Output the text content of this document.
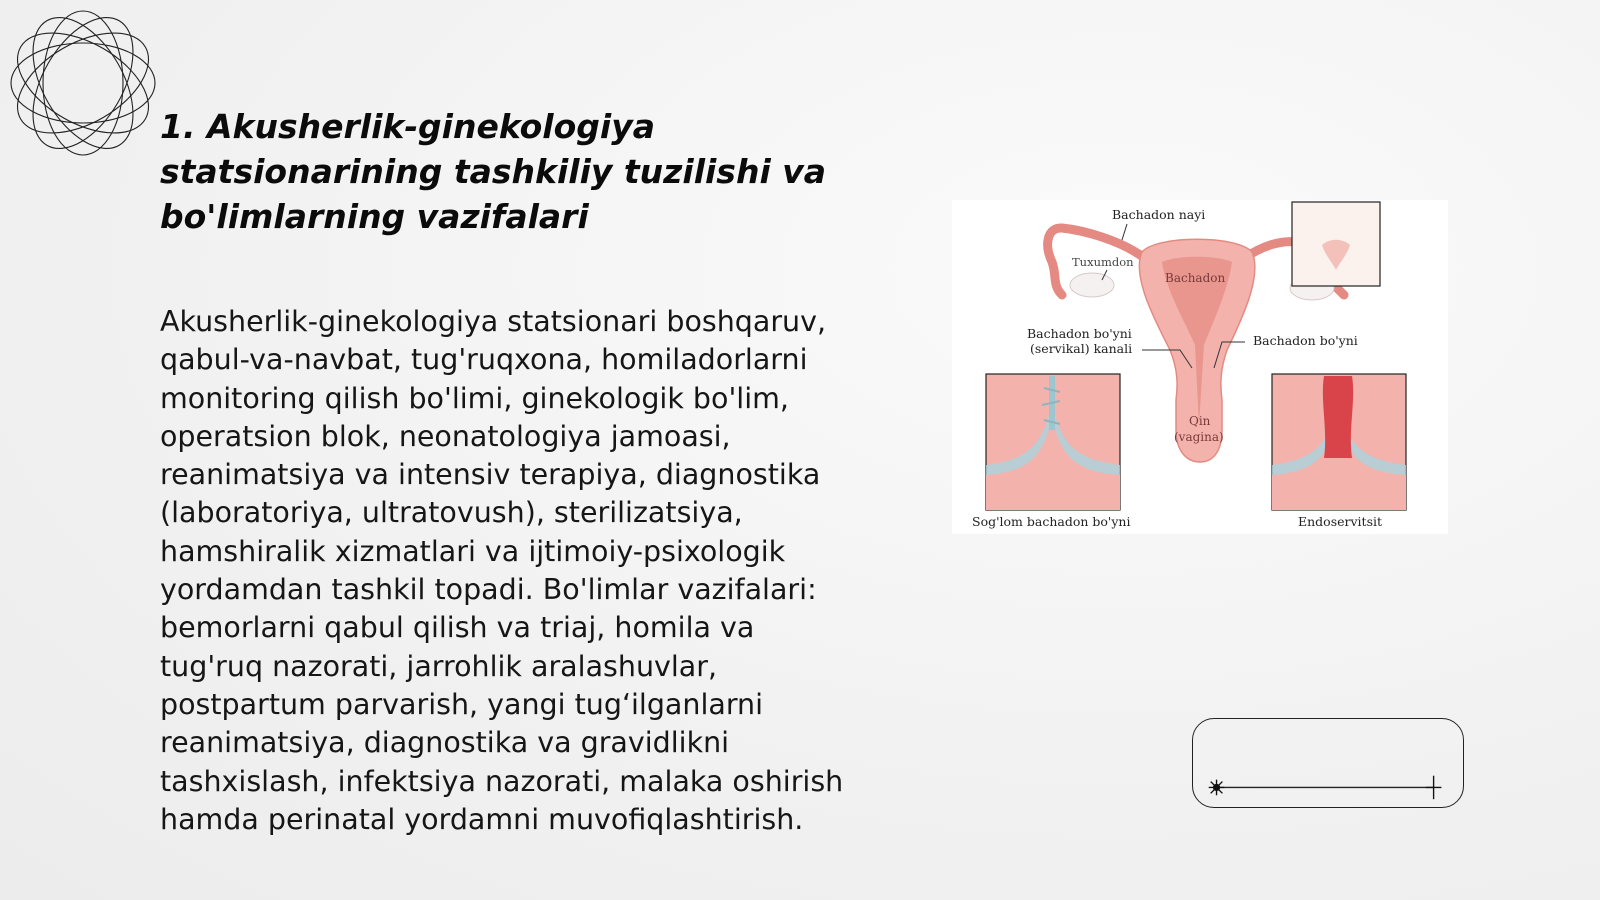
1. Akusherlik-ginekologiya statsionarining tashkiliy tuzilishi va bo'limlarning vazifalari

Akusherlik-ginekologiya statsionari boshqaruv, qabul-va-navbat, tug'ruqxona, homiladorlarni monitoring qilish bo'limi, ginekologik bo'lim, operatsion blok, neonatologiya jamoasi, reanimatsiya va intensiv terapiya, diagnostika (laboratoriya, ultratovush), sterilizatsiya, hamshiralik xizmatlari va ijtimoiy-psixologik yordamdan tashkil topadi. Bo'limlar vazifalari: bemorlarni qabul qilish va triaj, homila va tug'ruq nazorati, jarrohlik aralashuvlar, postpartum parvarish, yangi tug‘ilganlarni reanimatsiya, diagnostika va gravidlikni tashxislash, infektsiya nazorati, malaka oshirish hamda perinatal yordamni muvofiqlashtirish.

Bachadon nayi
Tuxumdon
Bachadon
Bachadon bo'yni
(servikal) kanali
Bachadon bo'yni
Qin
(vagina)
Sog'lom bachadon bo'yni	Endoservitsit
